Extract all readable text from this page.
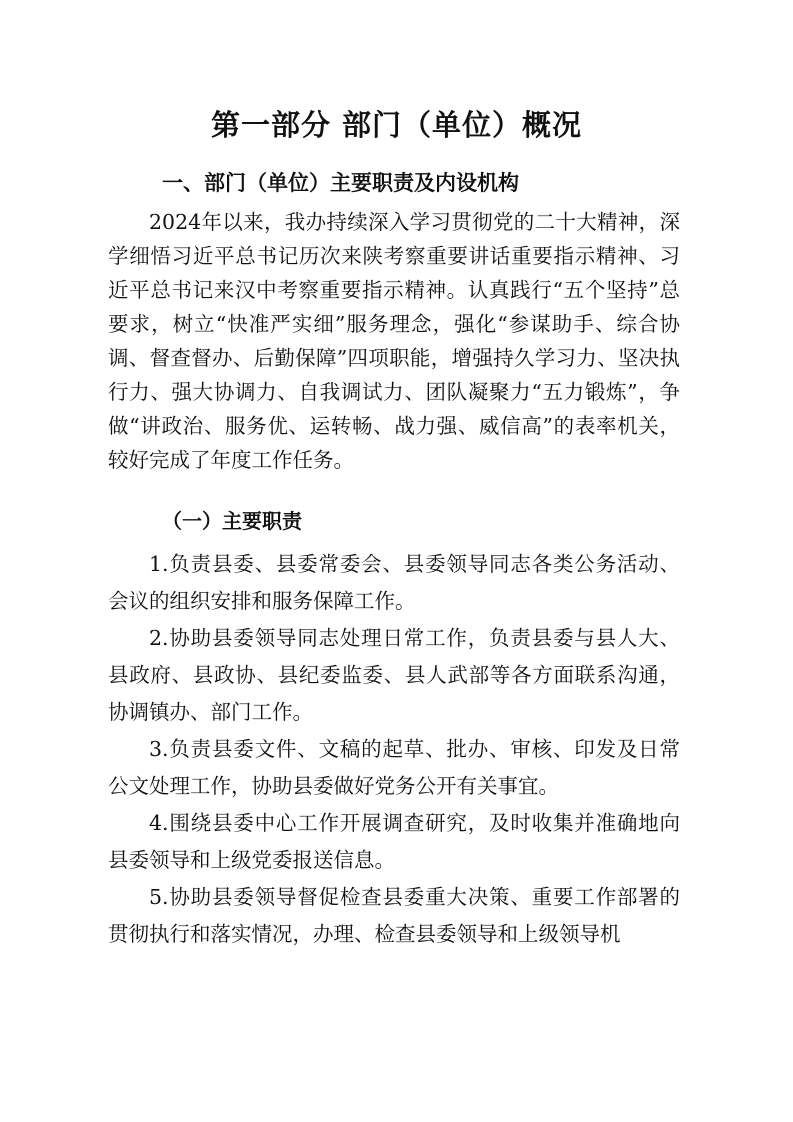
第一部分 部门（单位）概况
一、部门（单位）主要职责及内设机构

2024年以来，我办持续深入学习贯彻党的二十大精神，深学细悟习近平总书记历次来陕考察重要讲话重要指示精神、习近平总书记来汉中考察重要指示精神。认真践行“五个坚持”总要求，树立“快准严实细”服务理念，强化“参谋助手、综合协调、督查督办、后勤保障”四项职能，增强持久学习力、坚决执行力、强大协调力、自我调试力、团队凝聚力“五力锻炼”，争做“讲政治、服务优、运转畅、战力强、威信高”的表率机关，较好完成了年度工作任务。

（一）主要职责

1.负责县委、县委常委会、县委领导同志各类公务活动、会议的组织安排和服务保障工作。

2.协助县委领导同志处理日常工作，负责县委与县人大、县政府、县政协、县纪委监委、县人武部等各方面联系沟通，协调镇办、部门工作。

3.负责县委文件、文稿的起草、批办、审核、印发及日常公文处理工作，协助县委做好党务公开有关事宜。

4.围绕县委中心工作开展调查研究，及时收集并准确地向县委领导和上级党委报送信息。

5.协助县委领导督促检查县委重大决策、重要工作部署的贯彻执行和落实情况，办理、检查县委领导和上级领导机
